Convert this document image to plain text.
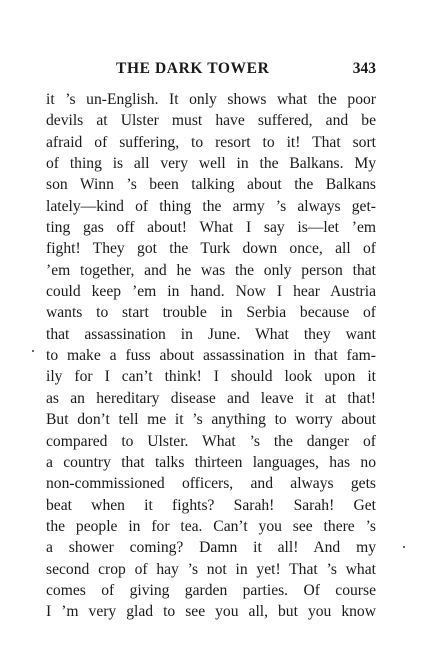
THE DARK TOWER	343
it ’s un-English. It only shows what the poor
devils at Ulster must have suffered, and be
afraid of suffering, to resort to it! That sort
of thing is all very well in the Balkans. My
son Winn ’s been talking about the Balkans
lately—kind of thing the army ’s always get-
ting gas off about! What I say is—let ’em
fight! They got the Turk down once, all of
’em together, and he was the only person that
could keep ’em in hand. Now I hear Austria
wants to start trouble in Serbia because of
that assassination in June. What they want
to make a fuss about assassination in that fam-
ily for I can’t think! I should look upon it
as an hereditary disease and leave it at that!
But don’t tell me it ’s anything to worry about
compared to Ulster. What ’s the danger of
a country that talks thirteen languages, has no
non-commissioned officers, and always gets
beat when it fights? Sarah! Sarah! Get
the people in for tea. Can’t you see there ’s
a shower coming? Damn it all! And my
second crop of hay ’s not in yet! That ’s what
comes of giving garden parties. Of course
I ’m very glad to see you all, but you know
